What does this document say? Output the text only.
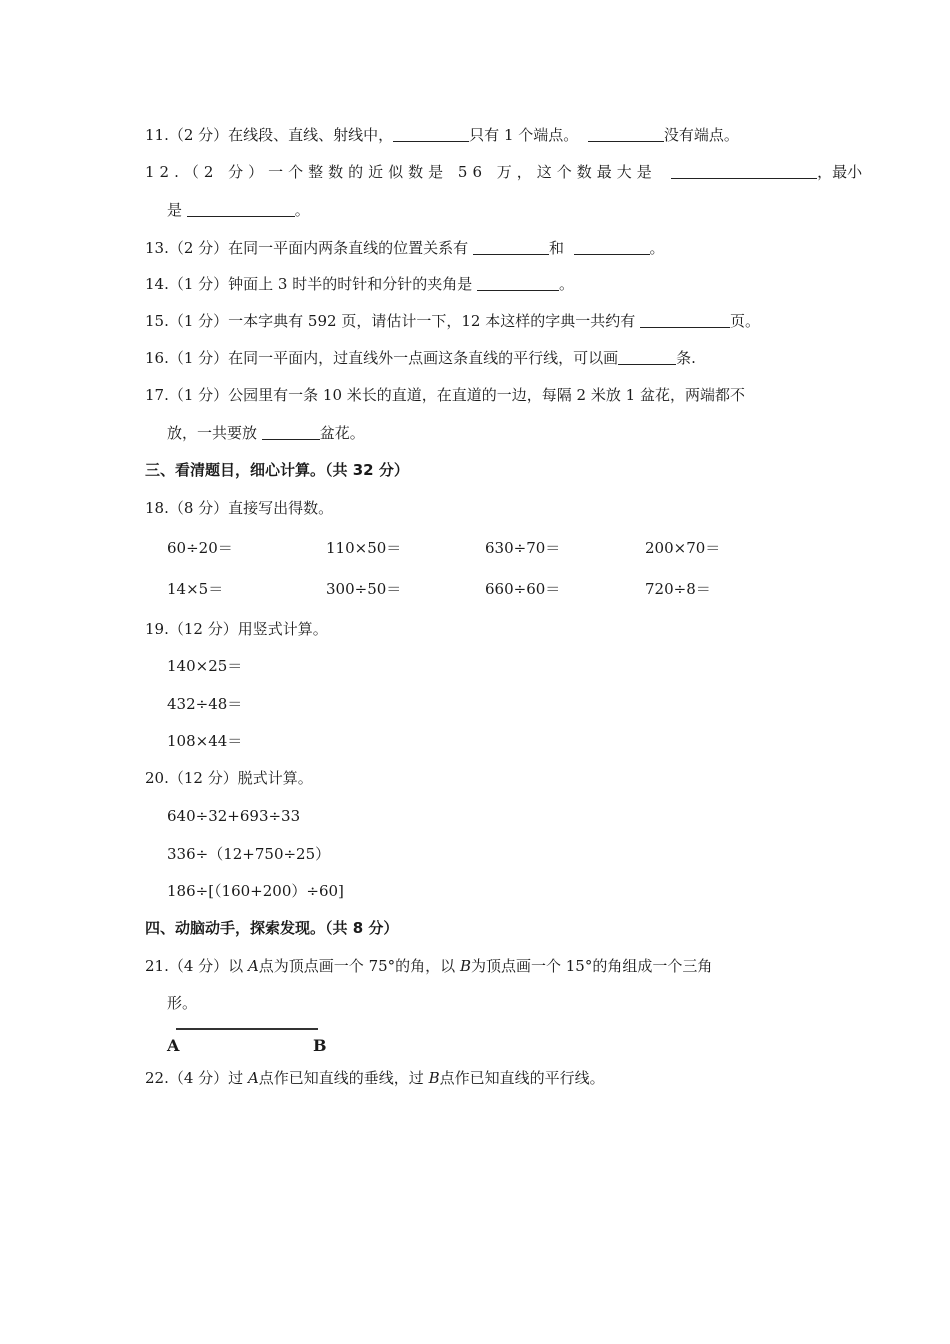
11.（2 分）在线段、直线、射线中，	只有 1 个端点。	没有端点。
12.（2 分）一个整数的近似数是 56 万，这个数最大是	，最小
是	。
13.（2 分）在同一平面内两条直线的位置关系有	和	。
14.（1 分）钟面上 3 时半的时针和分针的夹角是	。
15.（1 分）一本字典有 592 页，请估计一下，12 本这样的字典一共约有	页。
16.（1 分）在同一平面内，过直线外一点画这条直线的平行线，可以画	条.
17.（1 分）公园里有一条 10 米长的直道，在直道的一边，每隔 2 米放 1 盆花，两端都不
放，一共要放	盆花。
三、看清题目，细心计算。（共 32 分）
18.（8 分）直接写出得数。
60÷20＝	110×50＝	630÷70＝	200×70＝
14×5＝	300÷50＝	660÷60＝	720÷8＝
19.（12 分）用竖式计算。
140×25＝
432÷48＝
108×44＝
20.（12 分）脱式计算。
640÷32+693÷33
336÷（12+750÷25）
186÷[（160+200）÷60]
四、动脑动手，探索发现。（共 8 分）
21.（4 分）以 A点为顶点画一个 75°的角，以 B为顶点画一个 15°的角组成一个三角
形。
A	B
22.（4 分）过 A点作已知直线的垂线，过 B点作已知直线的平行线。
